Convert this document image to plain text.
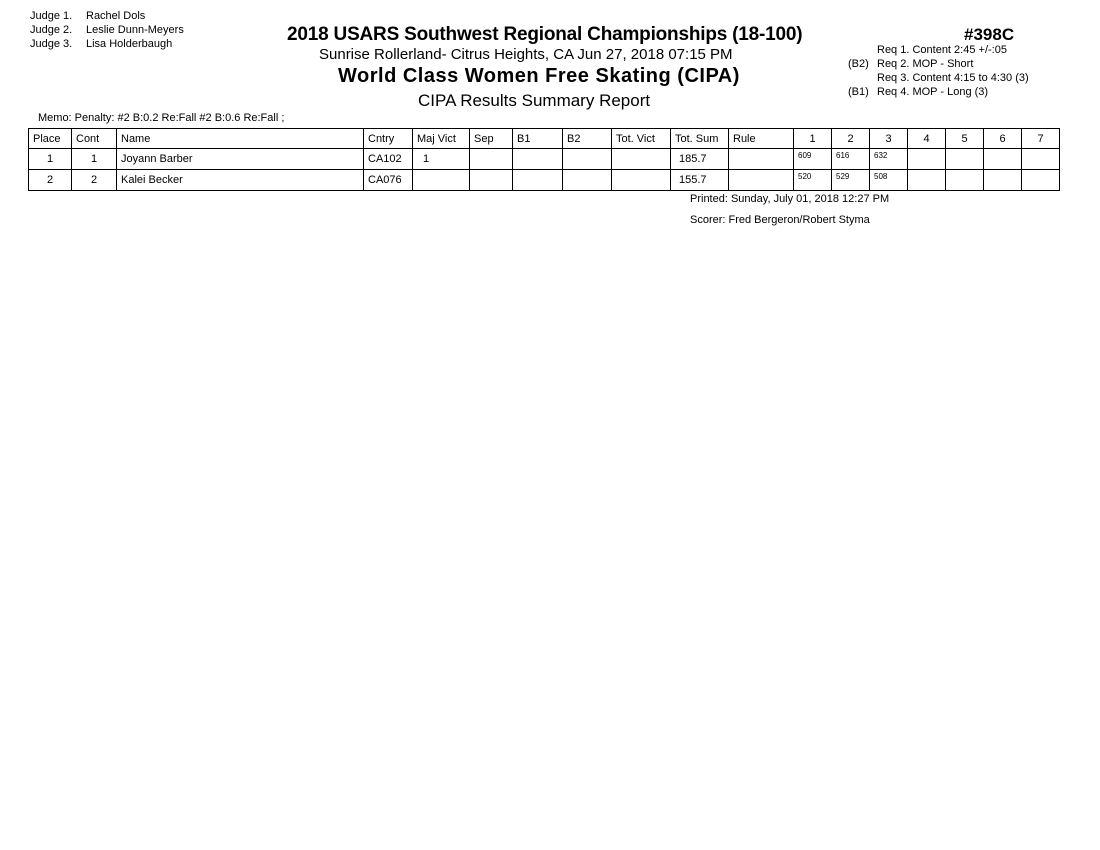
Judge 1. Rachel Dols
Judge 2. Leslie Dunn-Meyers
Judge 3. Lisa Holderbaugh	2018 USARS Southwest Regional Championships (18-100)
Sunrise Rollerland- Citrus Heights, CA Jun 27, 2018 07:15 PM
World Class Women Free Skating (CIPA)
CIPA Results Summary Report
#398C
Req 1. Content 2:45 +/-:05
(B2) Req 2. MOP - Short
Req 3. Content 4:15 to 4:30 (3)
(B1) Req 4. MOP - Long (3)
Memo: Penalty: #2 B:0.2 Re:Fall #2 B:0.6 Re:Fall ;
Place	Cont	Name	Cntry	Maj Vict	Sep	B1	B2	Tot. Vict	Tot. Sum	Rule	1	2	3	4	5	6	7
1	1	Joyann Barber	CA102	1					185.7		609	616	632				
2	2	Kalei Becker	CA076						155.7		520	529	508				
Printed: Sunday, July 01, 2018 12:27 PM
Scorer: Fred Bergeron/Robert Styma
